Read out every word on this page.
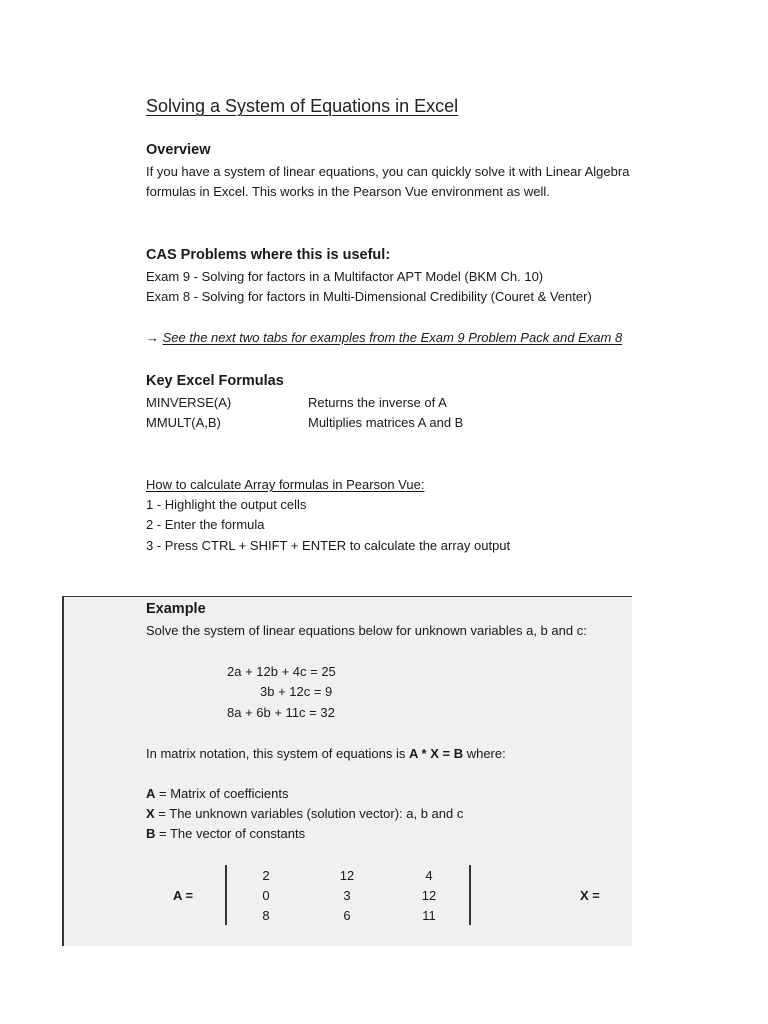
Solving a System of Equations in Excel
Overview
If you have a system of linear equations, you can quickly solve it with Linear Algebra
formulas in Excel. This works in the Pearson Vue environment as well.
CAS Problems where this is useful:
Exam 9 - Solving for factors in a Multifactor APT Model (BKM Ch. 10)
Exam 8 - Solving for factors in Multi-Dimensional Credibility (Couret & Venter)
→ See the next two tabs for examples from the Exam 9 Problem Pack and Exam 8
Key Excel Formulas
MINVERSE(A)	Returns the inverse of A
MMULT(A,B)	Multiplies matrices A and B
How to calculate Array formulas in Pearson Vue:
1 - Highlight the output cells
2 - Enter the formula
3 - Press CTRL + SHIFT + ENTER to calculate the array output
Example
Solve the system of linear equations below for unknown variables a, b and c:
2a + 12b + 4c = 25
3b + 12c = 9
8a + 6b + 11c = 32
In matrix notation, this system of equations is A * X = B where:
A = Matrix of coefficients
X = The unknown variables (solution vector): a, b and c
B = The vector of constants
A =
2	12	4
0	3	12
8	6	11
X =
